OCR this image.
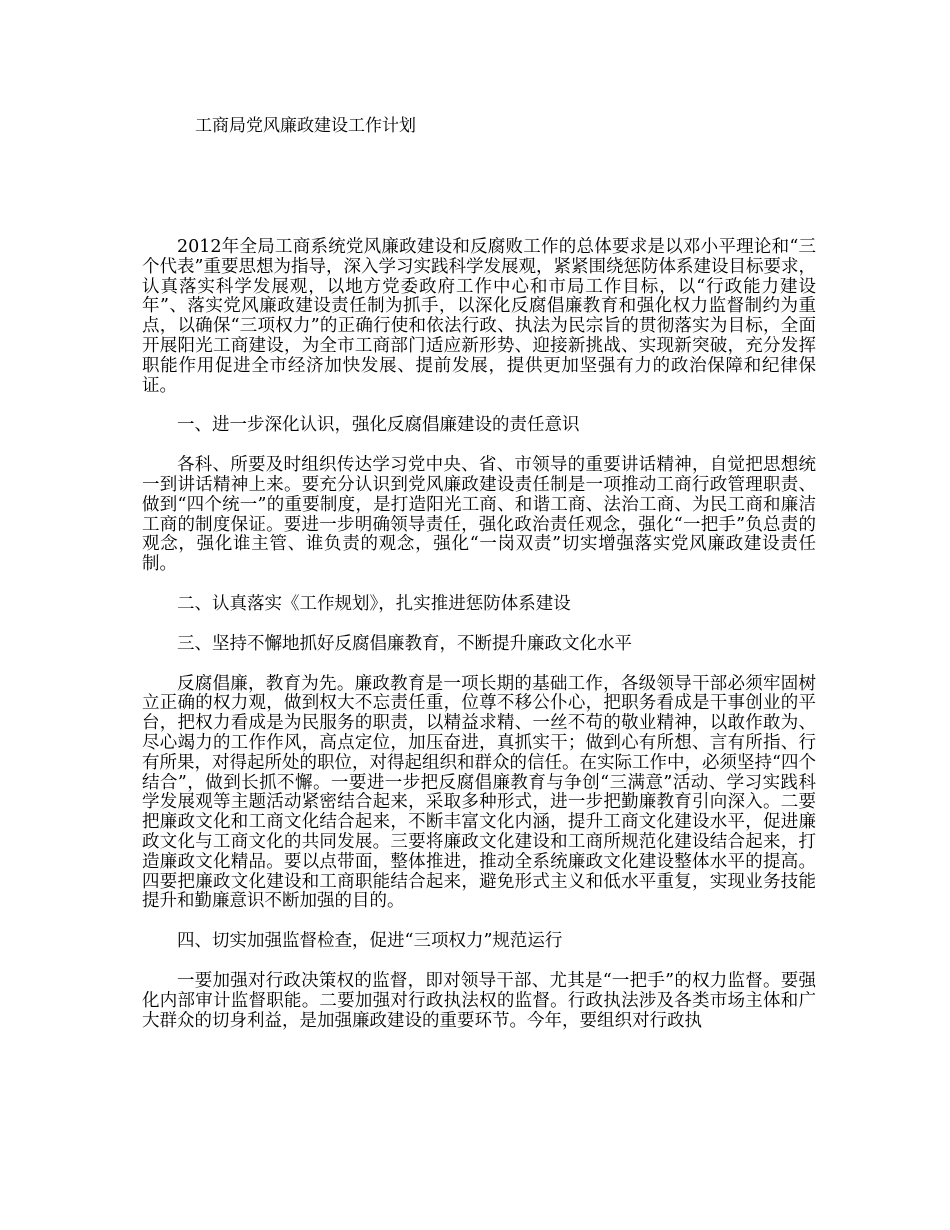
工商局党风廉政建设工作计划

2012年全局工商系统党风廉政建设和反腐败工作的总体要求是以邓小平理论和“三个代表”重要思想为指导，深入学习实践科学发展观，紧紧围绕惩防体系建设目标要求，认真落实科学发展观，以地方党委政府工作中心和市局工作目标，以“行政能力建设年”、落实党风廉政建设责任制为抓手，以深化反腐倡廉教育和强化权力监督制约为重点，以确保“三项权力”的正确行使和依法行政、执法为民宗旨的贯彻落实为目标，全面开展阳光工商建设，为全市工商部门适应新形势、迎接新挑战、实现新突破，充分发挥职能作用促进全市经济加快发展、提前发展，提供更加坚强有力的政治保障和纪律保证。

一、进一步深化认识，强化反腐倡廉建设的责任意识

各科、所要及时组织传达学习党中央、省、市领导的重要讲话精神，自觉把思想统一到讲话精神上来。要充分认识到党风廉政建设责任制是一项推动工商行政管理职责、做到“四个统一”的重要制度，是打造阳光工商、和谐工商、法治工商、为民工商和廉洁工商的制度保证。要进一步明确领导责任，强化政治责任观念，强化“一把手”负总责的观念，强化谁主管、谁负责的观念，强化“一岗双责”切实增强落实党风廉政建设责任制。

二、认真落实《工作规划》，扎实推进惩防体系建设

三、坚持不懈地抓好反腐倡廉教育，不断提升廉政文化水平

反腐倡廉，教育为先。廉政教育是一项长期的基础工作，各级领导干部必须牢固树立正确的权力观，做到权大不忘责任重，位尊不移公仆心，把职务看成是干事创业的平台，把权力看成是为民服务的职责，以精益求精、一丝不苟的敬业精神，以敢作敢为、尽心竭力的工作作风，高点定位，加压奋进，真抓实干；做到心有所想、言有所指、行有所果，对得起所处的职位，对得起组织和群众的信任。在实际工作中，必须坚持“四个结合”，做到长抓不懈。一要进一步把反腐倡廉教育与争创“三满意”活动、学习实践科学发展观等主题活动紧密结合起来，采取多种形式，进一步把勤廉教育引向深入。二要把廉政文化和工商文化结合起来，不断丰富文化内涵，提升工商文化建设水平，促进廉政文化与工商文化的共同发展。三要将廉政文化建设和工商所规范化建设结合起来，打造廉政文化精品。要以点带面，整体推进，推动全系统廉政文化建设整体水平的提高。四要把廉政文化建设和工商职能结合起来，避免形式主义和低水平重复，实现业务技能提升和勤廉意识不断加强的目的。

四、切实加强监督检查，促进“三项权力”规范运行

一要加强对行政决策权的监督，即对领导干部、尤其是“一把手”的权力监督。要强化内部审计监督职能。二要加强对行政执法权的监督。行政执法涉及各类市场主体和广大群众的切身利益，是加强廉政建设的重要环节。今年，要组织对行政执
